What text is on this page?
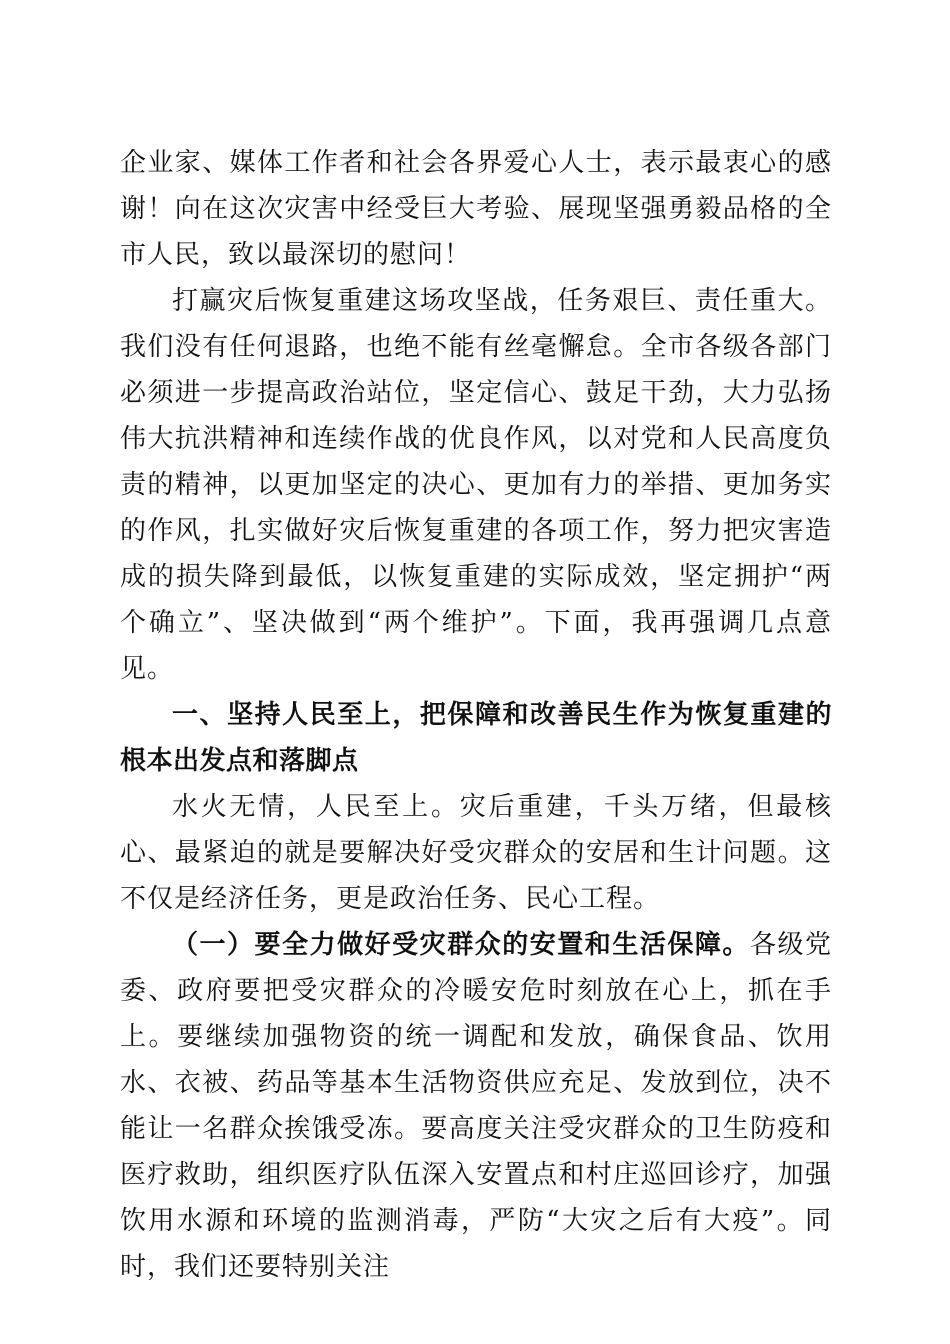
企业家、媒体工作者和社会各界爱心人士，表示最衷心的感谢！向在这次灾害中经受巨大考验、展现坚强勇毅品格的全市人民，致以最深切的慰问！

打赢灾后恢复重建这场攻坚战，任务艰巨、责任重大。我们没有任何退路，也绝不能有丝毫懈怠。全市各级各部门必须进一步提高政治站位，坚定信心、鼓足干劲，大力弘扬伟大抗洪精神和连续作战的优良作风，以对党和人民高度负责的精神，以更加坚定的决心、更加有力的举措、更加务实的作风，扎实做好灾后恢复重建的各项工作，努力把灾害造成的损失降到最低，以恢复重建的实际成效，坚定拥护“两个确立”、坚决做到“两个维护”。下面，我再强调几点意见。

一、坚持人民至上，把保障和改善民生作为恢复重建的根本出发点和落脚点

水火无情，人民至上。灾后重建，千头万绪，但最核心、最紧迫的就是要解决好受灾群众的安居和生计问题。这不仅是经济任务，更是政治任务、民心工程。

（一）要全力做好受灾群众的安置和生活保障。各级党委、政府要把受灾群众的冷暖安危时刻放在心上，抓在手上。要继续加强物资的统一调配和发放，确保食品、饮用水、衣被、药品等基本生活物资供应充足、发放到位，决不能让一名群众挨饿受冻。要高度关注受灾群众的卫生防疫和医疗救助，组织医疗队伍深入安置点和村庄巡回诊疗，加强饮用水源和环境的监测消毒，严防“大灾之后有大疫”。同时，我们还要特别关注
